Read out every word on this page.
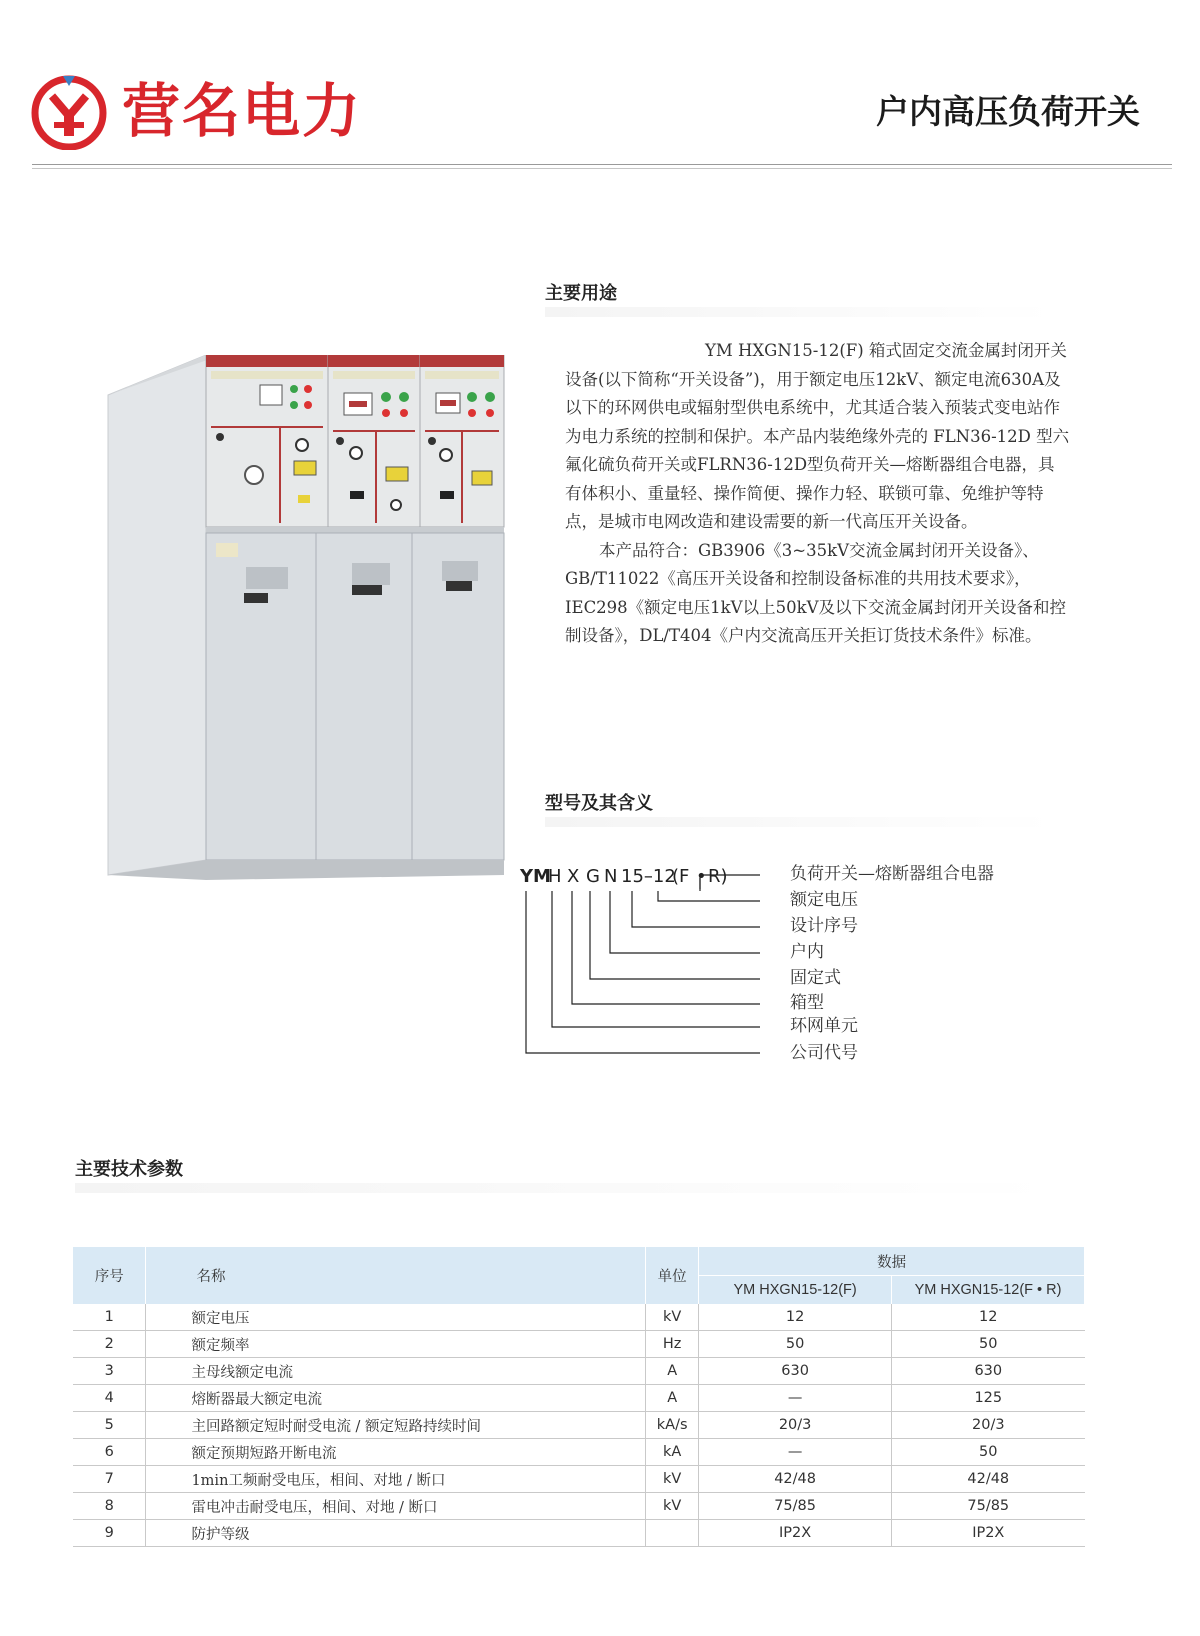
营名电力	户内高压负荷开关
主要用途

YM HXGN15-12(F) 箱式固定交流金属封闭开关设备(以下简称“开关设备”)，用于额定电压12kV、额定电流630A及以下的环网供电或辐射型供电系统中，尤其适合装入预装式变电站作为电力系统的控制和保护。本产品内装绝缘外壳的 FLN36-12D 型六氟化硫负荷开关或FLRN36-12D型负荷开关—熔断器组合电器，具有体积小、重量轻、操作简便、操作力轻、联锁可靠、免维护等特点，是城市电网改造和建设需要的新一代高压开关设备。

本产品符合：GB3906《3~35kV交流金属封闭开关设备》、GB/T11022《高压开关设备和控制设备标准的共用技术要求》，IEC298《额定电压1kV以上50kV及以下交流金属封闭开关设备和控制设备》，DL/T404《户内交流高压开关拒订货技术条件》标准。

型号及其含义
YM
H X G N 15–12
(F • R)	负荷开关—熔断器组合电器
额定电压
设计序号
户内
固定式
箱型
环网单元
公司代号
主要技术参数
序号	名称	单位	数据	
			YM HXGN15-12(F)	YM HXGN15-12(F • R)
1	额定电压	kV	12	12
2	额定频率	Hz	50	50
3	主母线额定电流	A	630	630
4	熔断器最大额定电流	A	—	125
5	主回路额定短时耐受电流 / 额定短路持续时间	kA/s	20/3	20/3
6	额定预期短路开断电流	kA	—	50
7	1min工频耐受电压，相间、对地 / 断口	kV	42/48	42/48
8	雷电冲击耐受电压，相间、对地 / 断口	kV	75/85	75/85
9	防护等级		IP2X	IP2X
